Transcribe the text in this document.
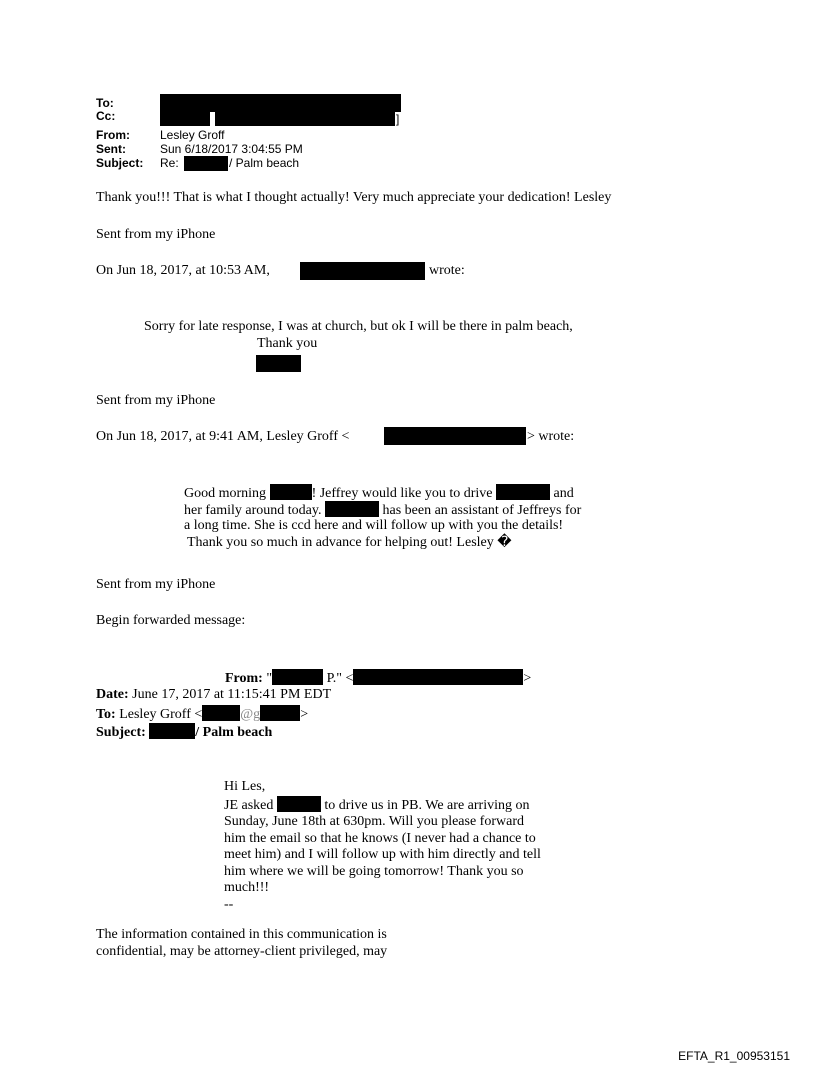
To:
Cc:	]
From:	Lesley Groff
Sent:	Sun 6/18/2017 3:04:55 PM
Subject: Re:	/ Palm beach
Thank you!!! That is what I thought actually! Very much appreciate your dedication! Lesley
Sent from my iPhone
On Jun 18, 2017, at 10:53 AM,	wrote:
Sorry for late response, I was at church, but ok I will be there in palm beach,
Thank you
Sent from my iPhone
On Jun 18, 2017, at 9:41 AM, Lesley Groff <	> wrote:
Good morning	! Jeffrey would like you to drive	and
her family around today.	has been an assistant of Jeffreys for
a long time. She is ccd here and will follow up with you the details!
Thank you so much in advance for helping out! Lesley �
Sent from my iPhone
Begin forwarded message:
From: "	P." <	>
Date: June 17, 2017 at 11:15:41 PM EDT
To: Lesley Groff <	@g	>
Subject:	/ Palm beach
Hi Les,
JE asked	to drive us in PB. We are arriving on
Sunday, June 18th at 630pm. Will you please forward
him the email so that he knows (I never had a chance to
meet him) and I will follow up with him directly and tell
him where we will be going tomorrow! Thank you so
much!!!
--
The information contained in this communication is
confidential, may be attorney-client privileged, may
EFTA_R1_00953151
